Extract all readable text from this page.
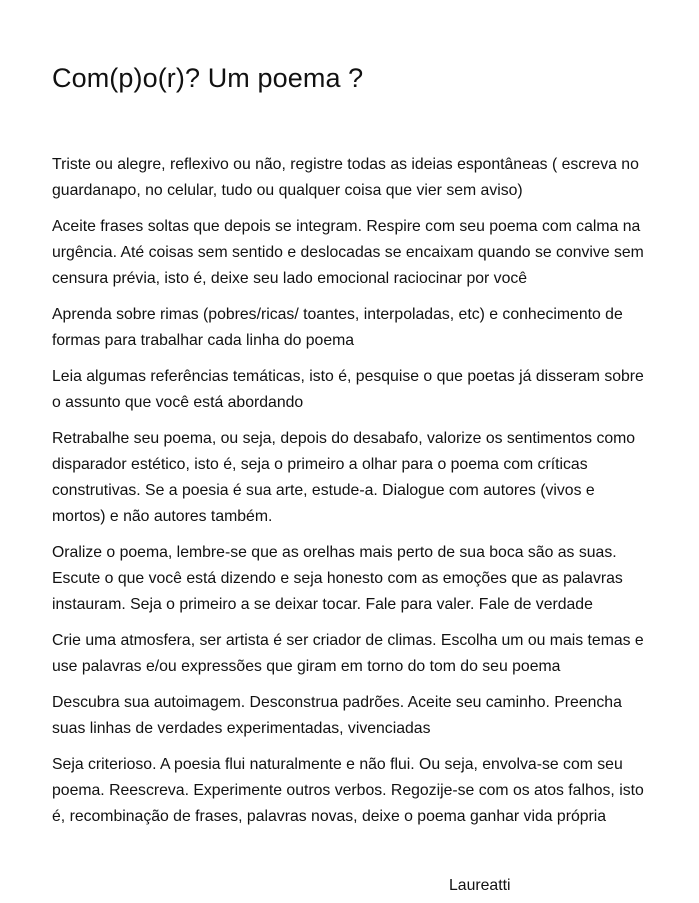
Com(p)o(r)? Um poema ?

Triste ou alegre, reflexivo ou não, registre todas as ideias espontâneas ( escreva no
guardanapo, no celular, tudo ou qualquer coisa que vier sem aviso)

Aceite frases soltas que depois se integram. Respire com seu poema com calma na
urgência. Até coisas sem sentido e deslocadas se encaixam quando se convive sem
censura prévia, isto é, deixe seu lado emocional raciocinar por você

Aprenda sobre rimas (pobres/ricas/ toantes, interpoladas, etc) e conhecimento de
formas para trabalhar cada linha do poema

Leia algumas referências temáticas, isto é, pesquise o que poetas já disseram sobre
o assunto que você está abordando

Retrabalhe seu poema, ou seja, depois do desabafo, valorize os sentimentos como
disparador estético, isto é, seja o primeiro a olhar para o poema com críticas
construtivas. Se a poesia é sua arte, estude-a. Dialogue com autores (vivos e
mortos) e não autores também.

Oralize o poema, lembre-se que as orelhas mais perto de sua boca são as suas.
Escute o que você está dizendo e seja honesto com as emoções que as palavras
instauram. Seja o primeiro a se deixar tocar. Fale para valer. Fale de verdade

Crie uma atmosfera, ser artista é ser criador de climas. Escolha um ou mais temas e
use palavras e/ou expressões que giram em torno do tom do seu poema

Descubra sua autoimagem. Desconstrua padrões. Aceite seu caminho. Preencha
suas linhas de verdades experimentadas, vivenciadas

Seja criterioso. A poesia flui naturalmente e não flui. Ou seja, envolva-se com seu
poema. Reescreva. Experimente outros verbos. Regozije-se com os atos falhos, isto
é, recombinação de frases, palavras novas, deixe o poema ganhar vida própria

Laureatti
